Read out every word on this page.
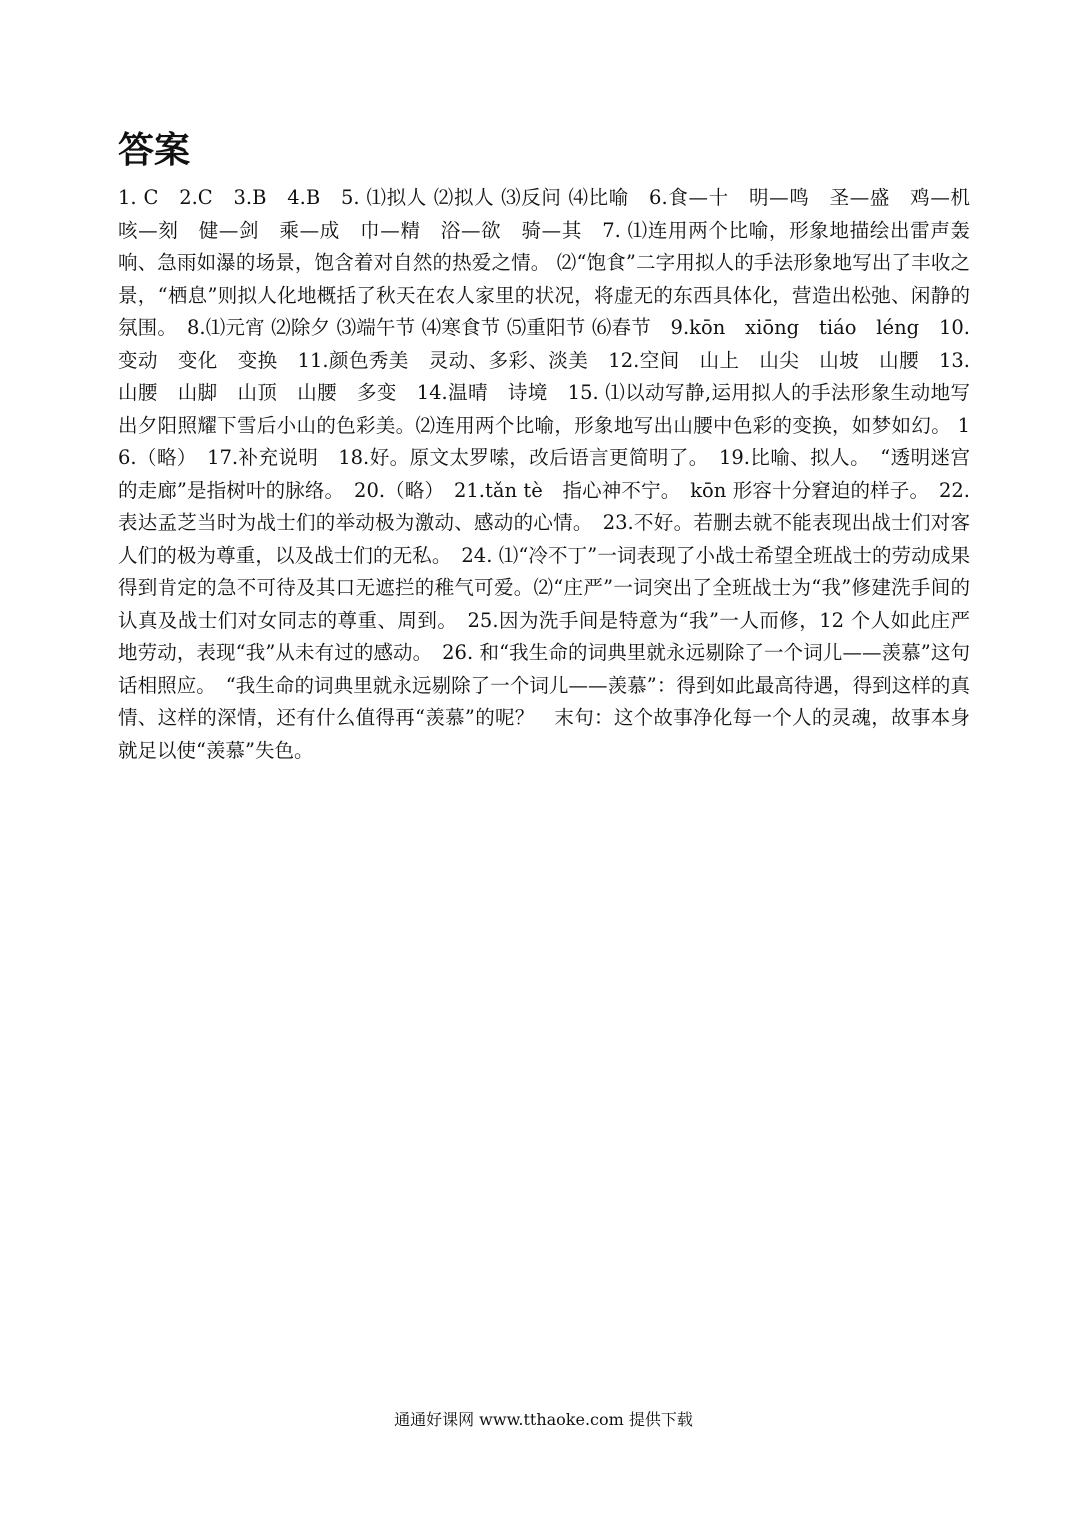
答案

1. C　2.C　3.B　4.B　5. ⑴拟人 ⑵拟人 ⑶反问 ⑷比喻　6.食—十　明—鸣　圣—盛　鸡—机　咳—刻　健—剑　乘—成　巾—精　浴—欲　骑—其　7. ⑴连用两个比喻，形象地描绘出雷声轰响、急雨如瀑的场景，饱含着对自然的热爱之情。 ⑵“饱食”二字用拟人的手法形象地写出了丰收之景，“栖息”则拟人化地概括了秋天在农人家里的状况，将虚无的东西具体化，营造出松弛、闲静的氛围。　8.⑴元宵 ⑵除夕 ⑶端午节 ⑷寒食节 ⑸重阳节 ⑹春节　9.kōn　xiōng　tiáo　léng　10.变动　变化　变换　11.颜色秀美　灵动、多彩、淡美　12.空间　山上　山尖　山坡　山腰　13.山腰　山脚　山顶　山腰　多变　14.温晴　诗境　15. ⑴以动写静,运用拟人的手法形象生动地写出夕阳照耀下雪后小山的色彩美。⑵连用两个比喻，形象地写出山腰中色彩的变换，如梦如幻。 16.（略）　17.补充说明　18.好。原文太罗嗦，改后语言更简明了。　19.比喻、拟人。　“透明迷宫的走廊”是指树叶的脉络。　20.（略）　21.tǎn tè　指心神不宁。　kōn 形容十分窘迫的样子。　22.表达孟芝当时为战士们的举动极为激动、感动的心情。　23.不好。若删去就不能表现出战士们对客人们的极为尊重，以及战士们的无私。　24. ⑴“冷不丁”一词表现了小战士希望全班战士的劳动成果得到肯定的急不可待及其口无遮拦的稚气可爱。⑵“庄严”一词突出了全班战士为“我”修建洗手间的认真及战士们对女同志的尊重、周到。　25.因为洗手间是特意为“我”一人而修，12 个人如此庄严地劳动，表现“我”从未有过的感动。　26. 和“我生命的词典里就永远剔除了一个词儿——羡慕”这句话相照应。　“我生命的词典里就永远剔除了一个词儿——羡慕”：得到如此最高待遇，得到这样的真情、这样的深情，还有什么值得再“羡慕”的呢？　末句：这个故事净化每一个人的灵魂，故事本身就足以使“羡慕”失色。

通通好课网 www.tthaoke.com 提供下载
